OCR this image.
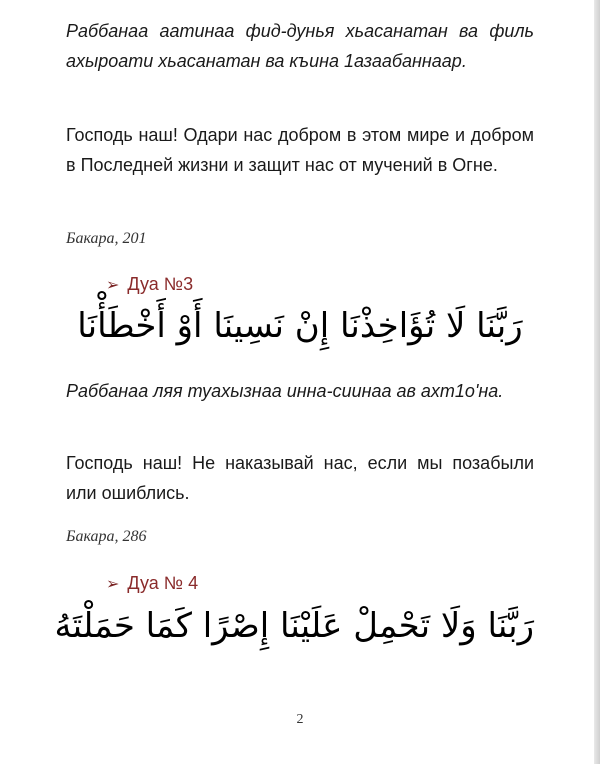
Раббанаа аатинаа фид-дунья хьасанатан ва филь ахыроати хьасанатан ва къина 1азаабаннаар.

Господь наш! Одари нас добром в этом мире и добром в Последней жизни и защит нас от мучений в Огне.

Бакара, 201

➢ Дуа №3
رَبَّنَا لَا تُؤَاخِذْنَا إِنْ نَسِينَا أَوْ أَخْطَأْنَا

Раббанаа ляя туахызнаа инна-сиинаа ав ахт1о'на.

Господь наш! Не наказывай нас, если мы позабыли или ошиблись.

Бакара, 286

➢ Дуа № 4
رَبَّنَا وَلَا تَحْمِلْ عَلَيْنَا إِصْرًا كَمَا حَمَلْتَهُ
2
